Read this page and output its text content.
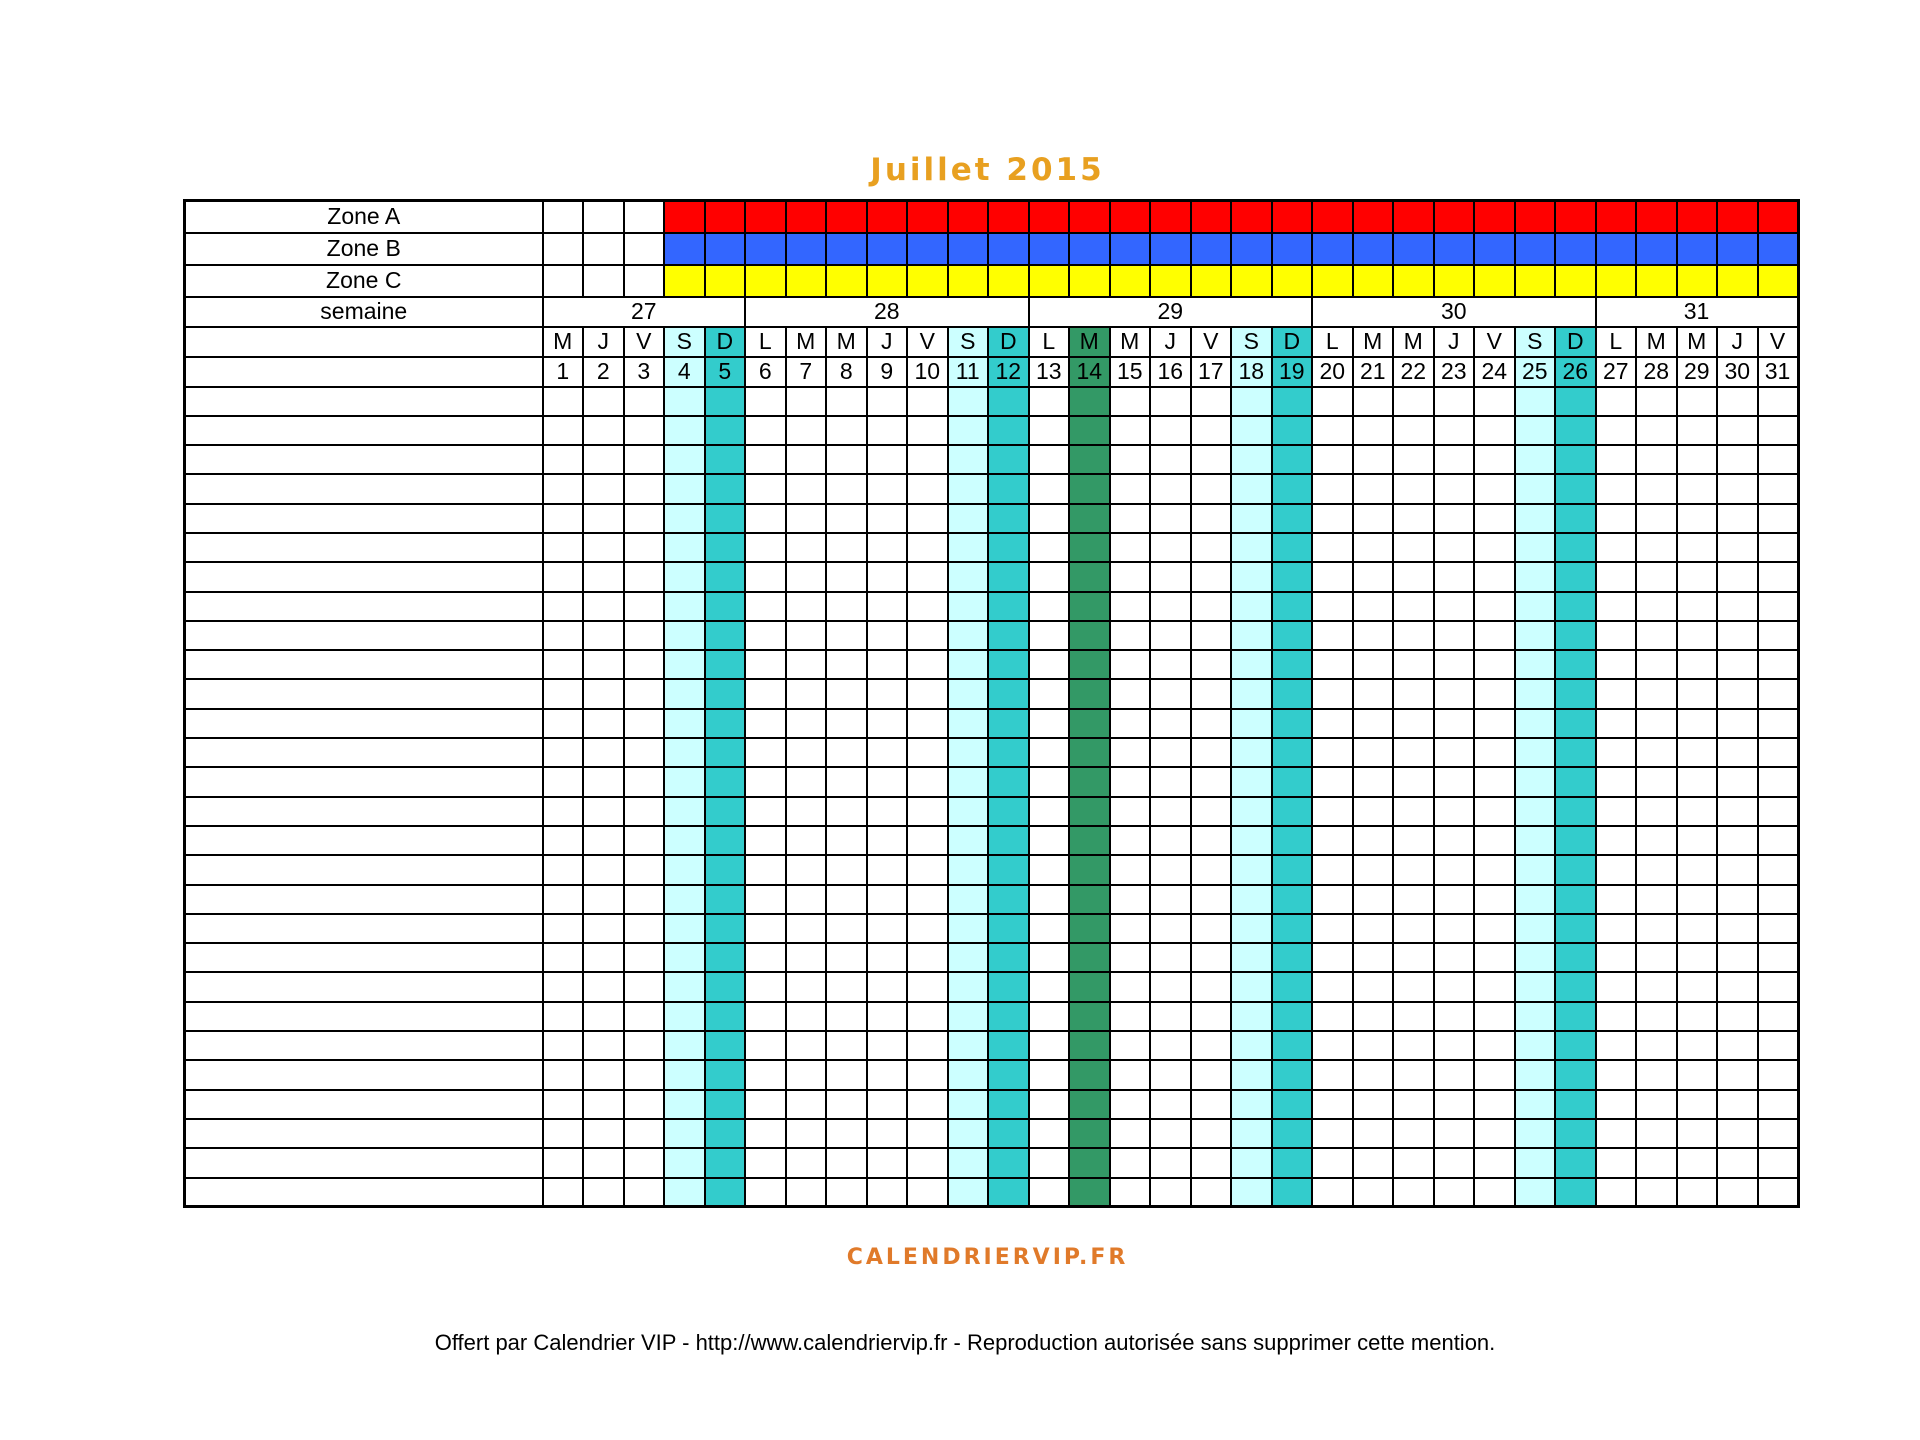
Juillet 2015
Zone A																															
Zone B																															
Zone C																															
semaine	27					28							29							30							31				
	M	J	V	S	D	L	M	M	J	V	S	D	L	M	M	J	V	S	D	L	M	M	J	V	S	D	L	M	M	J	V
	1	2	3	4	5	6	7	8	9	10	11	12	13	14	15	16	17	18	19	20	21	22	23	24	25	26	27	28	29	30	31

CALENDRIERVIP.FR
Offert par Calendrier VIP - http://www.calendriervip.fr - Reproduction autorisée sans supprimer cette mention.
